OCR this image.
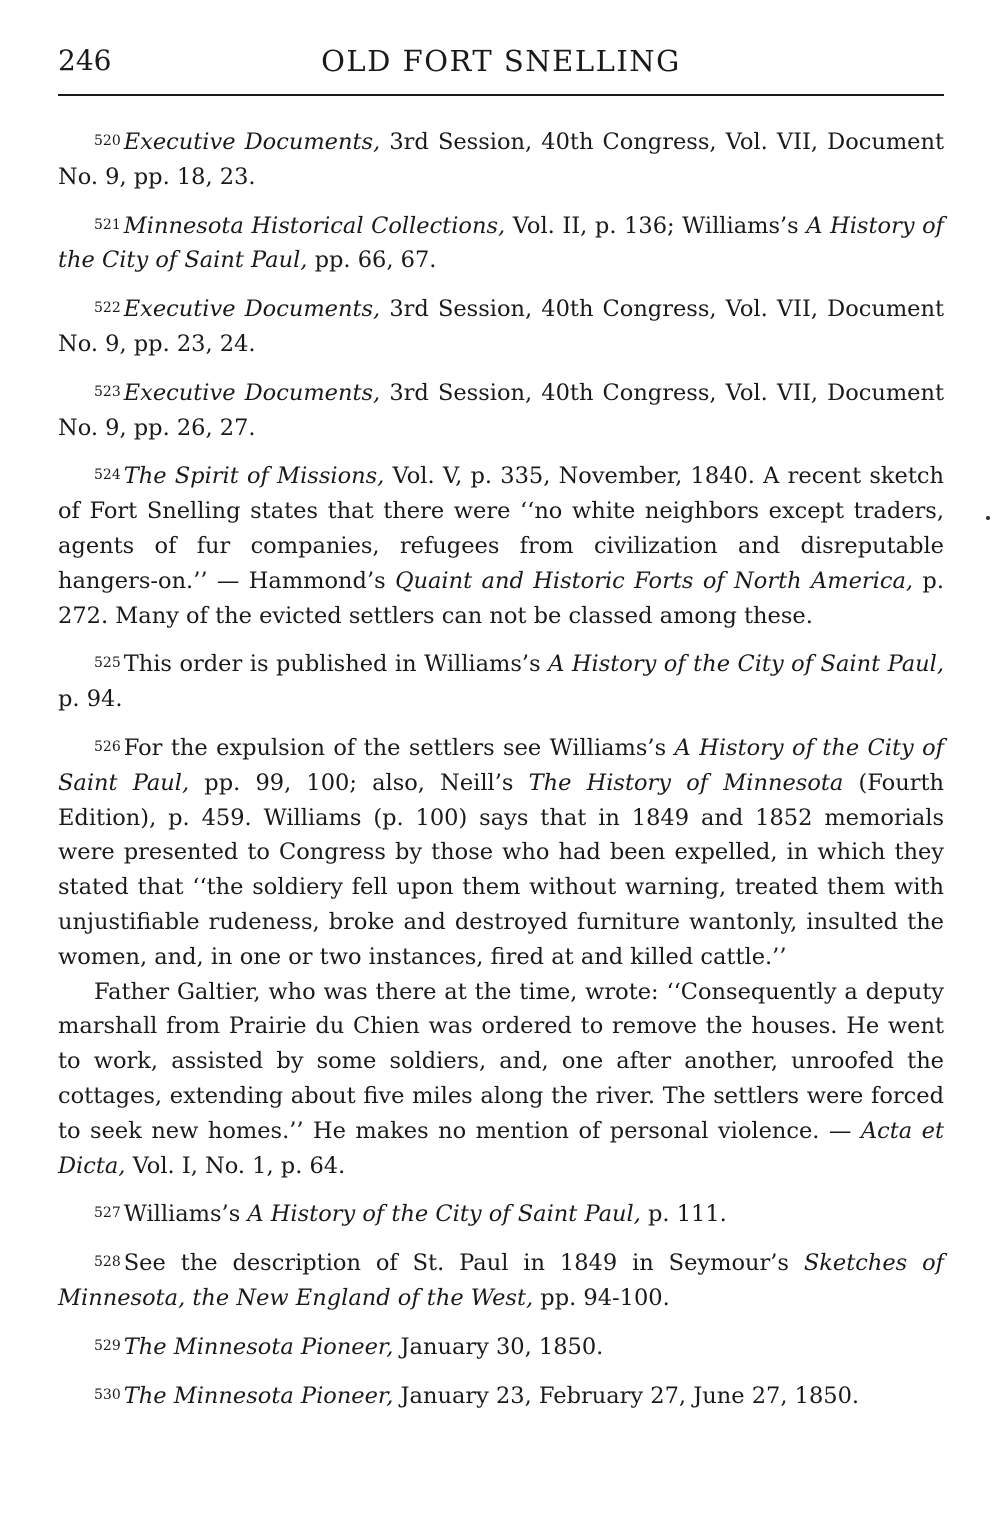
246	OLD FORT SNELLING

520 Executive Documents, 3rd Session, 40th Congress, Vol. VII, Document No. 9, pp. 18, 23.

521 Minnesota Historical Collections, Vol. II, p. 136; Williams’s A History of the City of Saint Paul, pp. 66, 67.

522 Executive Documents, 3rd Session, 40th Congress, Vol. VII, Document No. 9, pp. 23, 24.

523 Executive Documents, 3rd Session, 40th Congress, Vol. VII, Document No. 9, pp. 26, 27.

524 The Spirit of Missions, Vol. V, p. 335, November, 1840. A recent sketch of Fort Snelling states that there were ‘‘no white neighbors except traders, agents of fur companies, refugees from civilization and disreputable hangers-on.’’ — Hammond’s Quaint and Historic Forts of North America, p. 272. Many of the evicted settlers can not be classed among these.

525 This order is published in Williams’s A History of the City of Saint Paul, p. 94.

526 For the expulsion of the settlers see Williams’s A History of the City of Saint Paul, pp. 99, 100; also, Neill’s The History of Minnesota (Fourth Edition), p. 459. Williams (p. 100) says that in 1849 and 1852 memorials were presented to Congress by those who had been expelled, in which they stated that ‘‘the soldiery fell upon them without warning, treated them with unjustifiable rudeness, broke and destroyed furniture wantonly, insulted the women, and, in one or two instances, fired at and killed cattle.’’

Father Galtier, who was there at the time, wrote: ‘‘Consequently a deputy marshall from Prairie du Chien was ordered to remove the houses. He went to work, assisted by some soldiers, and, one after another, unroofed the cottages, extending about five miles along the river. The settlers were forced to seek new homes.’’ He makes no mention of personal violence. — Acta et Dicta, Vol. I, No. 1, p. 64.

527 Williams’s A History of the City of Saint Paul, p. 111.

528 See the description of St. Paul in 1849 in Seymour’s Sketches of Minnesota, the New England of the West, pp. 94-100.

529 The Minnesota Pioneer, January 30, 1850.

530 The Minnesota Pioneer, January 23, February 27, June 27, 1850.
